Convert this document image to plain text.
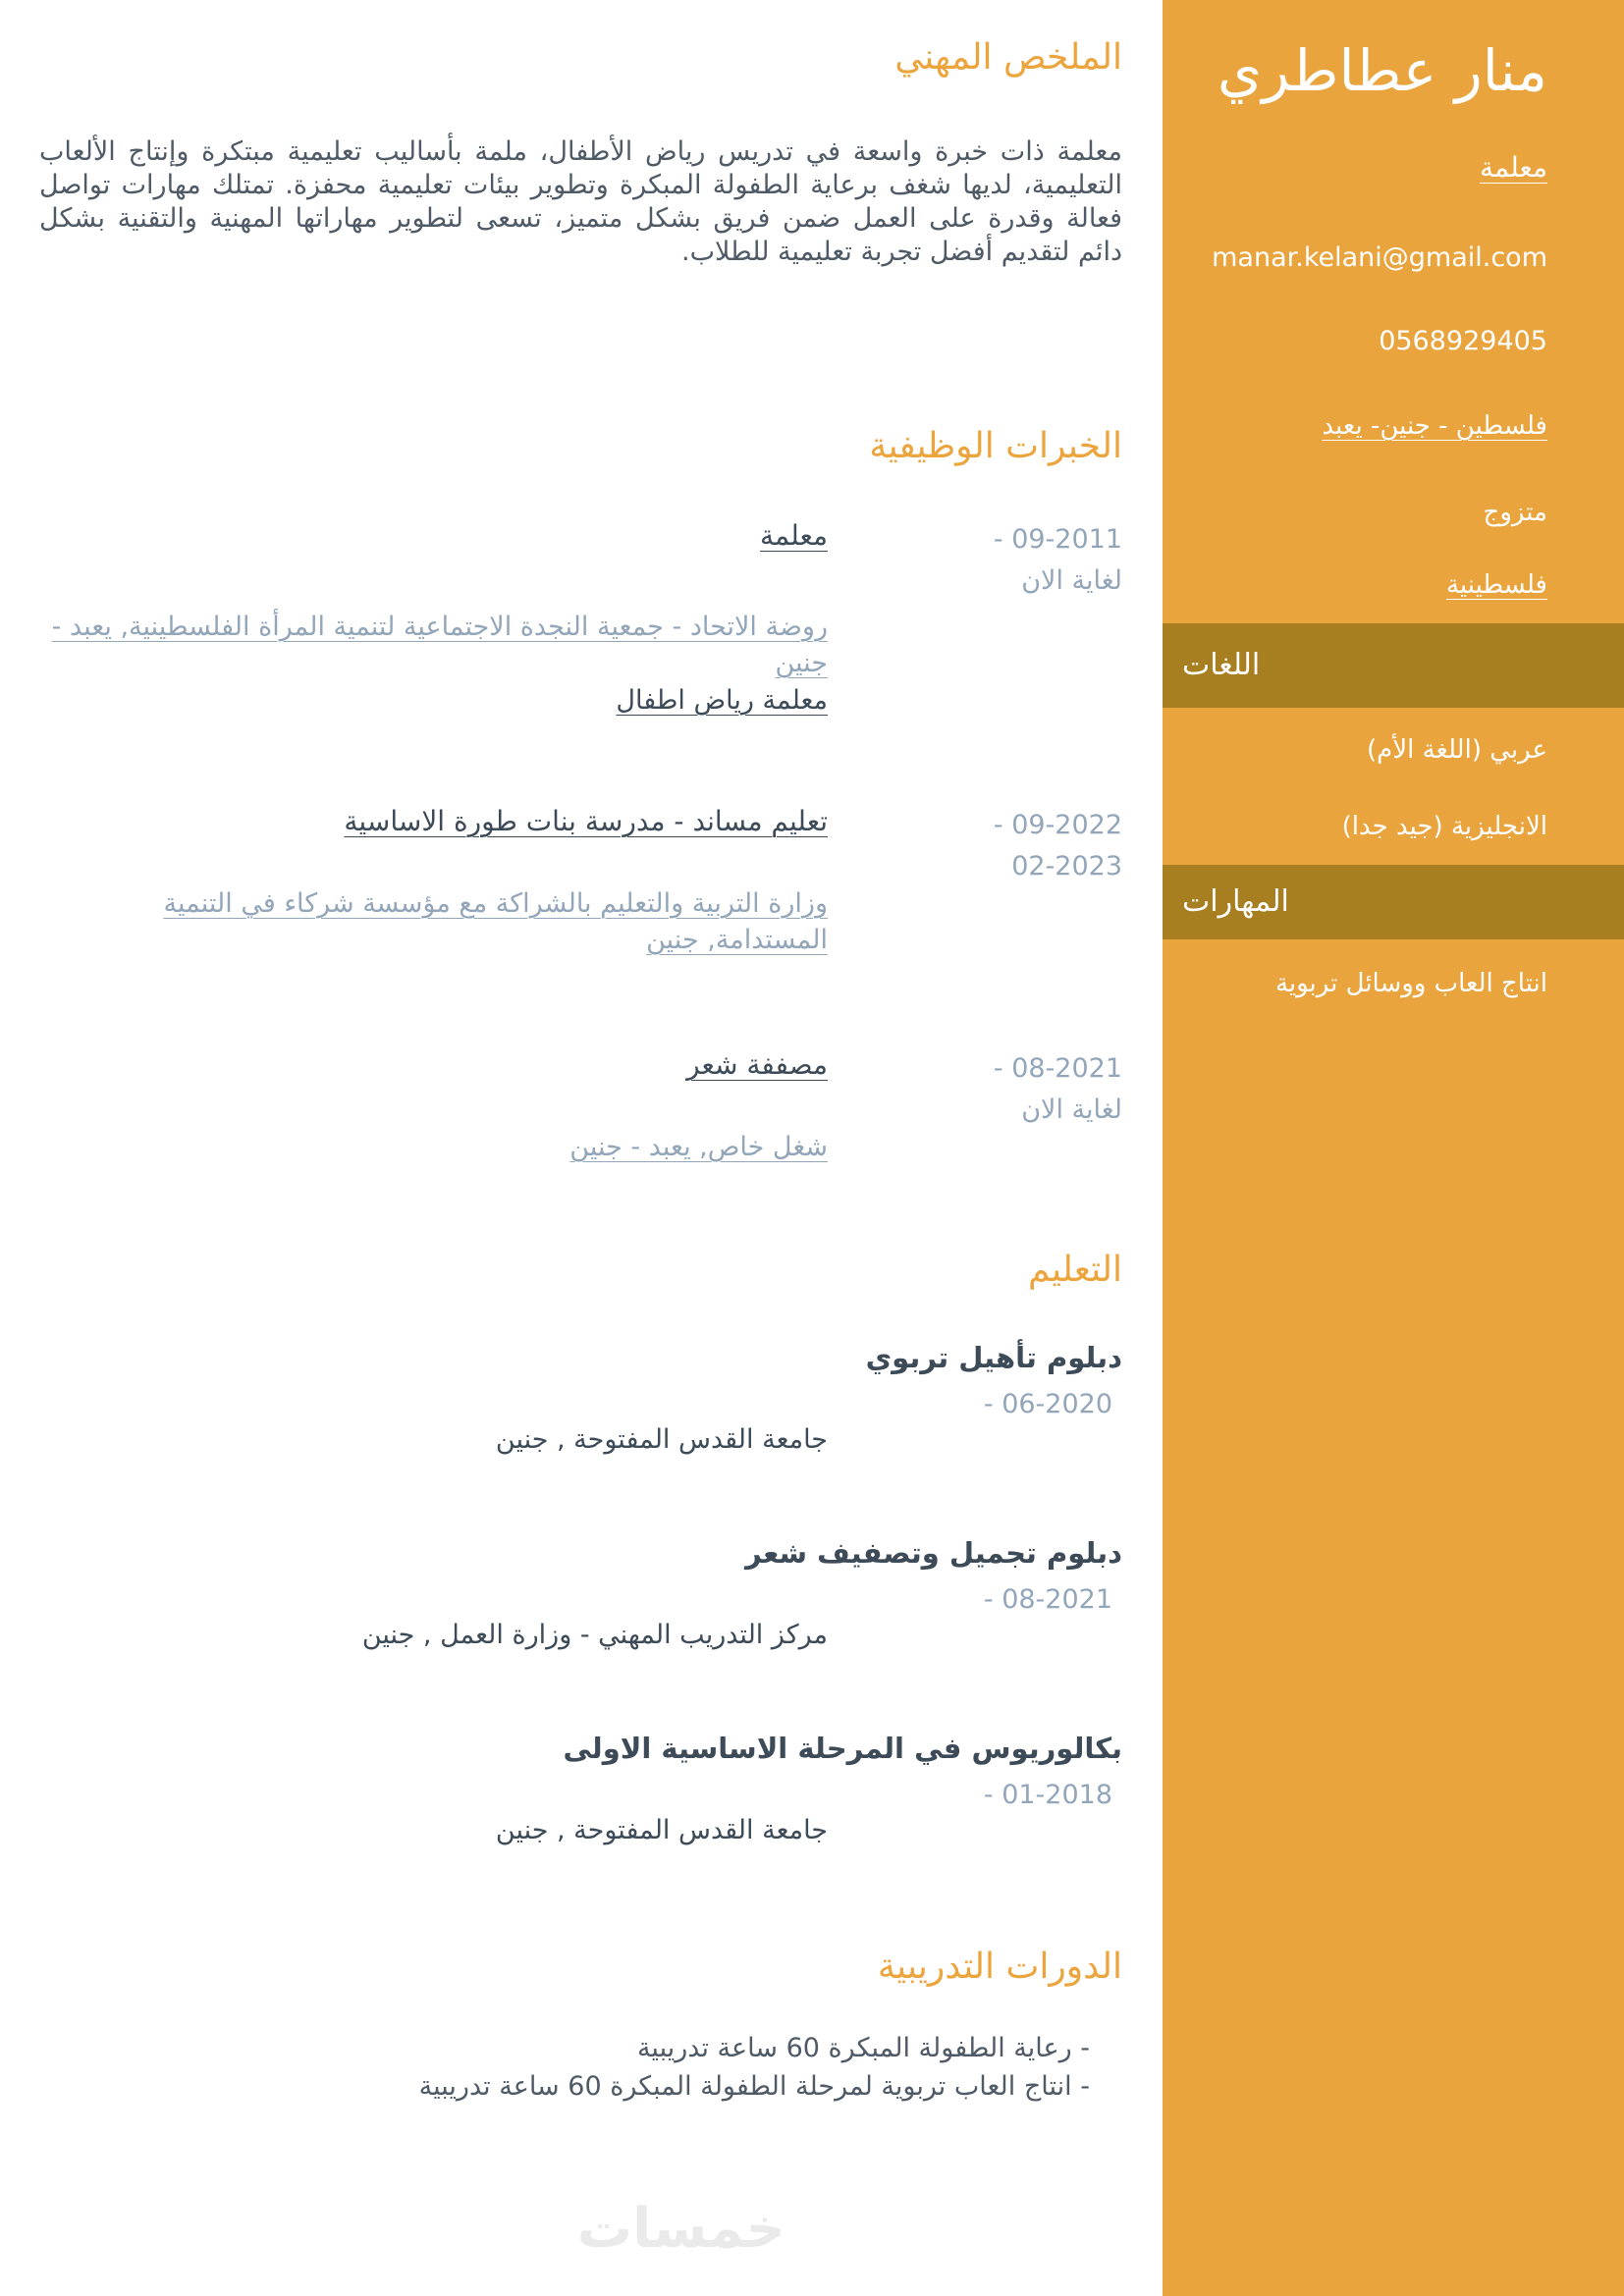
الملخص المهني

معلمة ذات خبرة واسعة في تدريس رياض الأطفال، ملمة بأساليب تعليمية مبتكرة وإنتاج الألعاب التعليمية، لديها شغف برعاية الطفولة المبكرة وتطوير بيئات تعليمية محفزة. تمتلك مهارات تواصل فعالة وقدرة على العمل ضمن فريق بشكل متميز، تسعى لتطوير مهاراتها المهنية والتقنية بشكل دائم لتقديم أفضل تجربة تعليمية للطلاب.

الخبرات الوظيفية
09-2011 -
لغاية الان
معلمة
روضة الاتحاد - جمعية النجدة الاجتماعية لتنمية المرأة الفلسطينية, يعبد - جنين
معلمة رياض اطفال
09-2022 -
02-2023
تعليم مساند - مدرسة بنات طورة الاساسية
وزارة التربية والتعليم بالشراكة مع مؤسسة شركاء في التنمية المستدامة, جنين
08-2021 -
لغاية الان
مصففة شعر
شغل خاص, يعبد - جنين
التعليم
دبلوم تأهيل تربوي
06-2020 -
جامعة القدس المفتوحة , جنين
دبلوم تجميل وتصفيف شعر
08-2021 -
مركز التدريب المهني - وزارة العمل , جنين
بكالوريوس في المرحلة الاساسية الاولى
01-2018 -
جامعة القدس المفتوحة , جنين
الدورات التدريبية
- رعاية الطفولة المبكرة 60 ساعة تدريبية
- انتاج العاب تربوية لمرحلة الطفولة المبكرة 60 ساعة تدريبية
منار عطاطري
معلمة
manar.kelani@gmail.com
0568929405
فلسطين - جنين- يعبد
متزوج
فلسطينية
اللغات
عربي (اللغة الأم)
الانجليزية (جيد جدا)
المهارات
انتاج العاب ووسائل تربوية
خمسات
